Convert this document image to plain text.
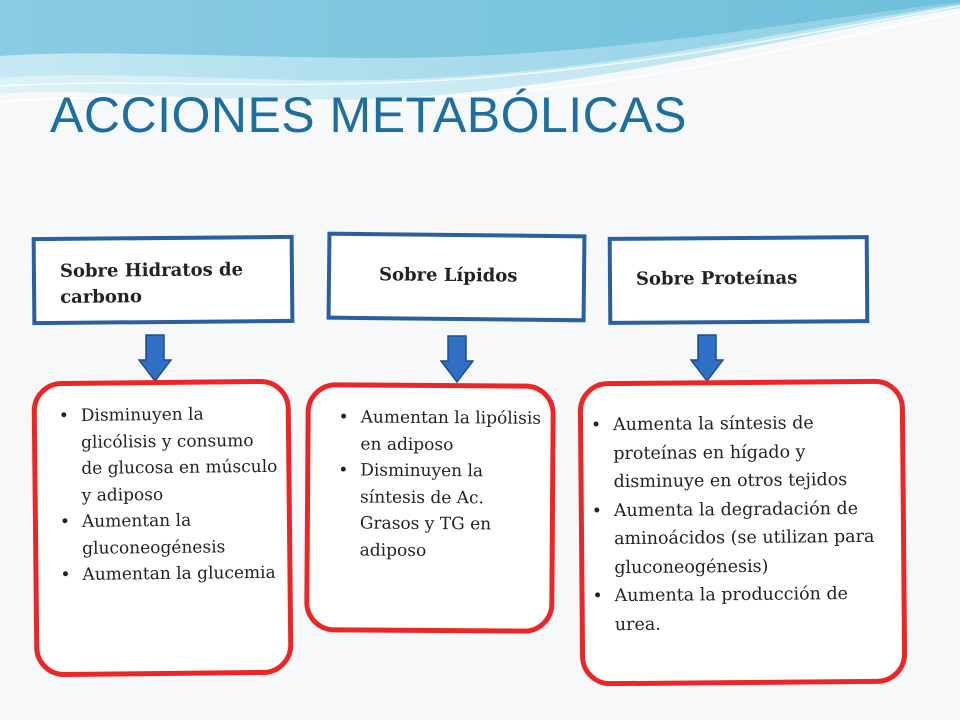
ACCIONES METABÓLICAS
Sobre Hidratos de carbono
Sobre Lípidos	Sobre Proteínas
• Disminuyen la glicólisis y consumo de glucosa en músculo y adiposo
• Aumentan la gluconeogénesis
• Aumentan la glucemia
• Aumentan la lipólisis en adiposo
• Disminuyen la síntesis de Ac. Grasos y TG en adiposo
• Aumenta la síntesis de proteínas en hígado y disminuye en otros tejidos
• Aumenta la degradación de aminoácidos (se utilizan para gluconeogénesis)
• Aumenta la producción de urea.
